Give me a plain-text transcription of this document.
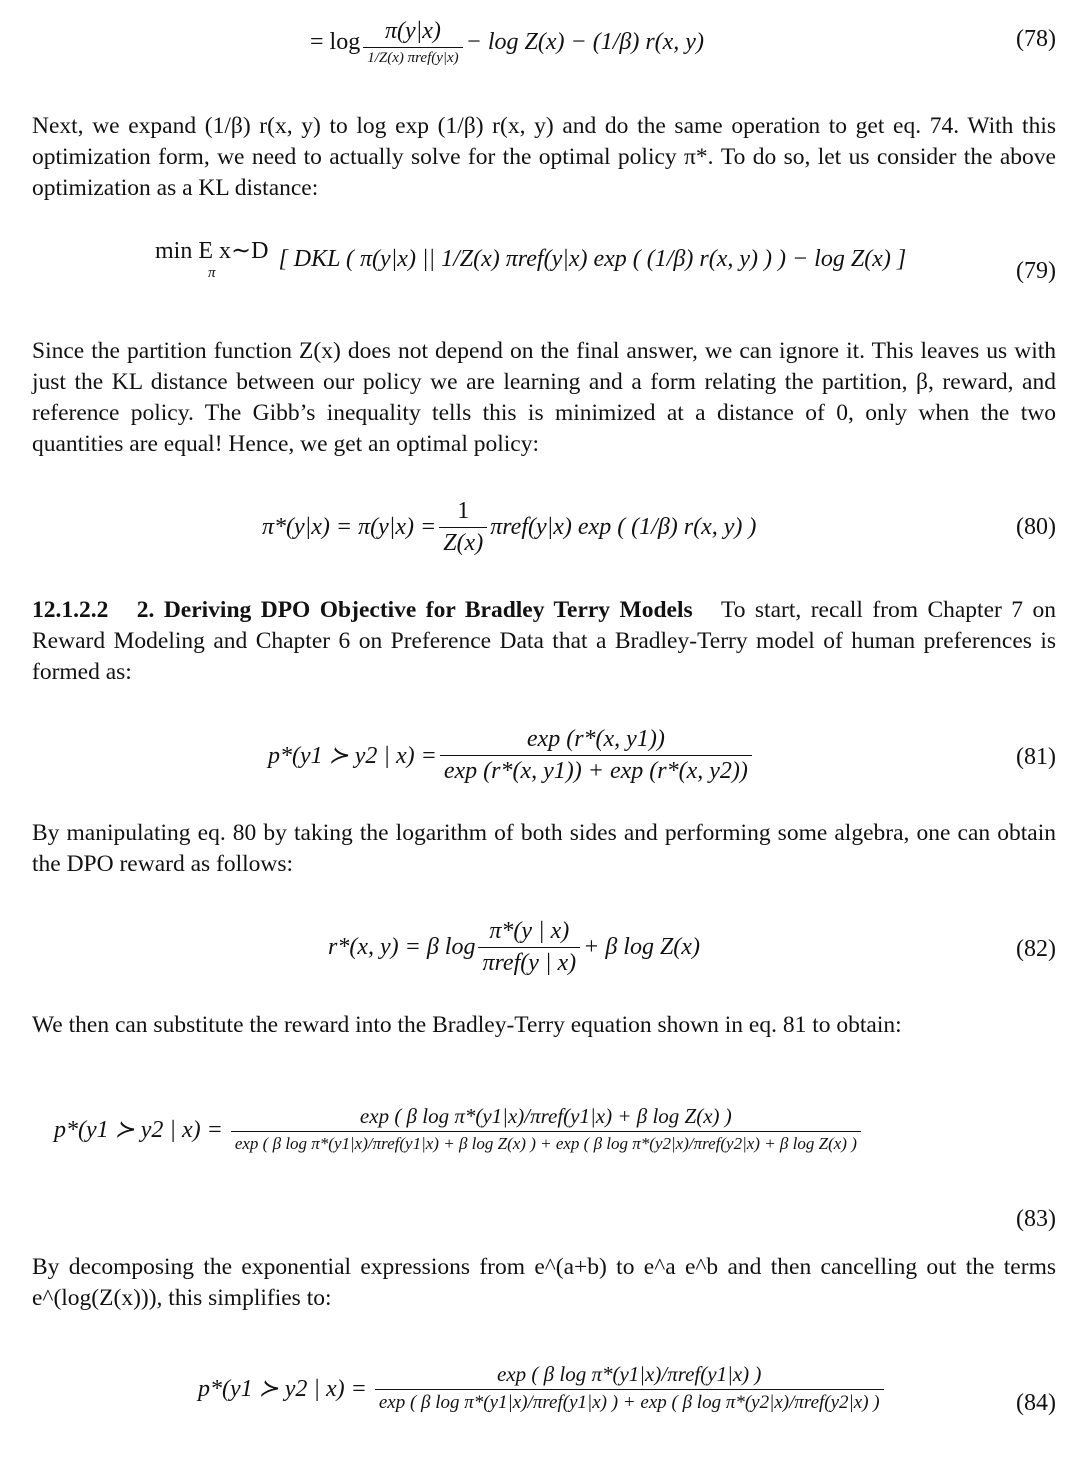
= $\log \frac{\pi(y|x)}{\text{1/Z(x) πref(y|x)}} - \log Z(x) - (1/\beta)$ r(x, y)	(78)
Next, we expand (1/β) r(x, y) to log exp (1/β) r(x, y) and do the same operation to get eq. 74. With this optimization form, we need to actually solve for the optimal policy π*. To do so, let us consider the above optimization as a KL distance:
min E x∼D
π
[ DKL ( π(y|x) || 1/Z(x) πref(y|x) exp ( (1/β) r(x, y) ) ) − log Z(x) ]	(79)
Since the partition function Z(x) does not depend on the final answer, we can ignore it. This leaves us with just the KL distance between our policy we are learning and a form relating the partition, β, reward, and reference policy. The Gibb’s inequality tells this is minimized at a distance of 0, only when the two quantities are equal! Hence, we get an optimal policy:
$\pi*(y|x) = \pi(y|x) = \frac{1}{Z(x)} \pi ref(y|x)$ exp ( (1/β) r(x, y) )	(80)
12.1.2.2 2. Deriving DPO Objective for Bradley Terry Models To start, recall from Chapter 7 on Reward Modeling and Chapter 6 on Preference Data that a Bradley-Terry model of human preferences is formed as:
p*(y1 ≻ y2 | $x) = \frac{\exp (r*(x, y1))}{\exp (r*(x, y1)) + \exp (r*(x, y2))}$	(81)
By manipulating eq. 80 by taking the logarithm of both sides and performing some algebra, one can obtain the DPO reward as follows:
r*(x, y) = β $\log \frac{\pi*(y | x)}{\text{πref(y | x)}} + \beta$ log Z(x)	(82)
We then can substitute the reward into the Bradley-Terry equation shown in eq. 81 to obtain:
p*(y1 ≻ y2 | x) =
exp ( β log π*(y1|x)/πref(y1|x) + β log Z(x) )
exp ( β log π*(y1|x)/πref(y1|x) + β log Z(x) ) + exp ( β log π*(y2|x)/πref(y2|x) + β log Z(x) )
(83)
By decomposing the exponential expressions from e^(a+b) to e^a e^b and then cancelling out the terms e^(log(Z(x))), this simplifies to:
p*(y1 ≻ y2 | x) =
exp ( β log π*(y1|x)/πref(y1|x) )
exp ( β log π*(y1|x)/πref(y1|x) ) + exp ( β log π*(y2|x)/πref(y2|x) )	(84)
